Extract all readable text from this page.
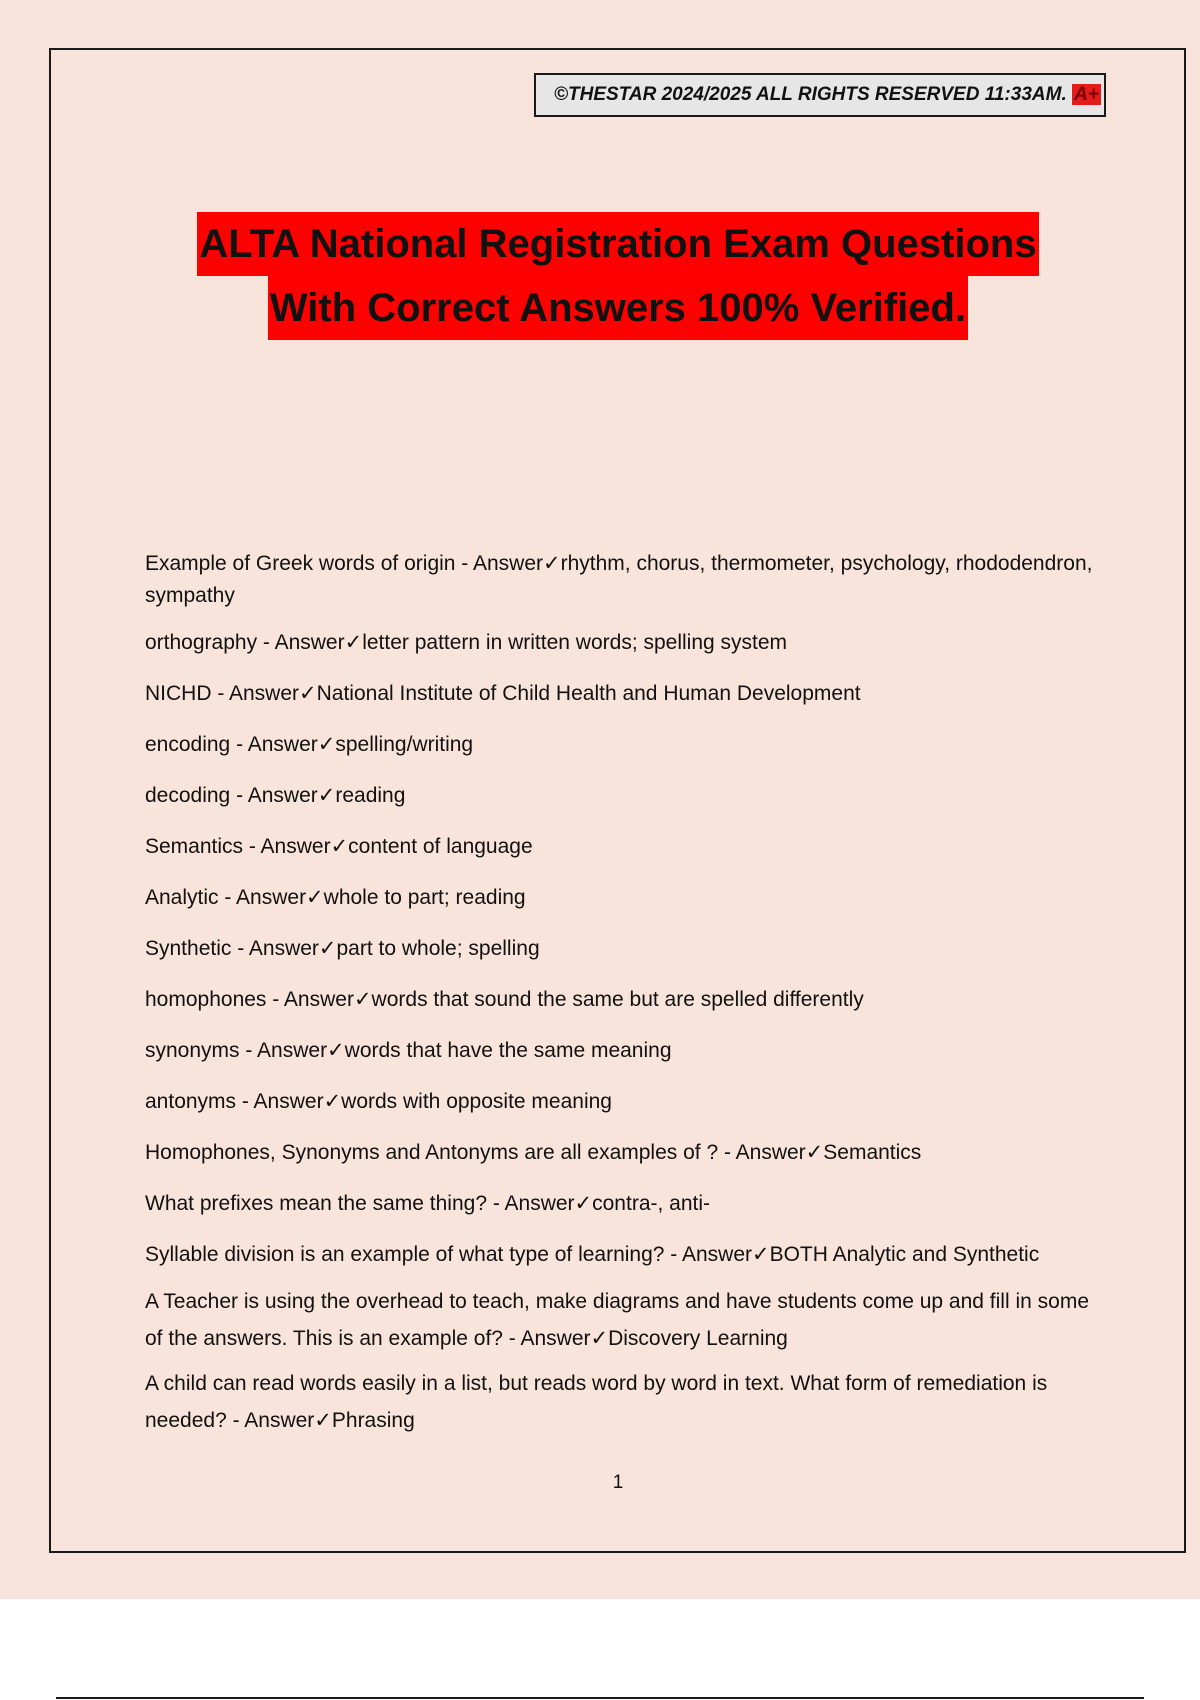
©THESTAR 2024/2025 ALL RIGHTS RESERVED 11:33AM. A+
ALTA National Registration Exam Questions
With Correct Answers 100% Verified.
Example of Greek words of origin - Answer✓rhythm, chorus, thermometer, psychology, rhododendron, sympathy
orthography - Answer✓letter pattern in written words; spelling system
NICHD - Answer✓National Institute of Child Health and Human Development
encoding - Answer✓spelling/writing
decoding - Answer✓reading
Semantics - Answer✓content of language
Analytic - Answer✓whole to part; reading
Synthetic - Answer✓part to whole; spelling
homophones - Answer✓words that sound the same but are spelled differently
synonyms - Answer✓words that have the same meaning
antonyms - Answer✓words with opposite meaning
Homophones, Synonyms and Antonyms are all examples of ? - Answer✓Semantics
What prefixes mean the same thing? - Answer✓contra-, anti-
Syllable division is an example of what type of learning? - Answer✓BOTH Analytic and Synthetic
A Teacher is using the overhead to teach, make diagrams and have students come up and fill in some of the answers. This is an example of? - Answer✓Discovery Learning
A child can read words easily in a list, but reads word by word in text. What form of remediation is needed? - Answer✓Phrasing
1
